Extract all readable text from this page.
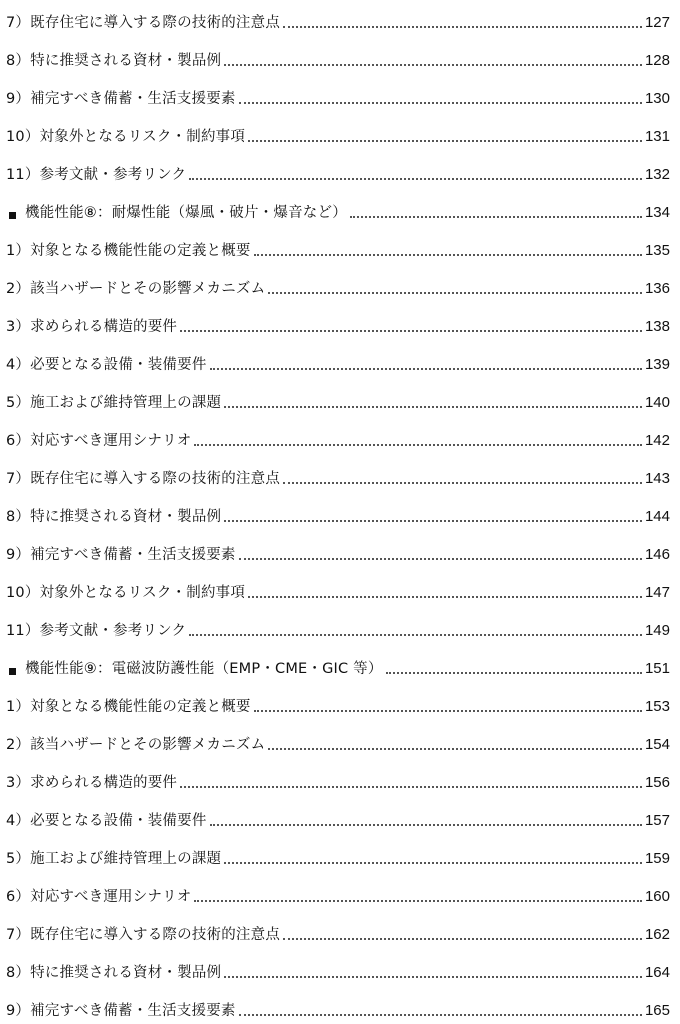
7）既存住宅に導入する際の技術的注意点	127
8）特に推奨される資材・製品例	128
9）補完すべき備蓄・生活支援要素	130
10）対象外となるリスク・制約事項	131
11）参考文献・参考リンク	132
機能性能⑧：耐爆性能（爆風・破片・爆音など）	134
1）対象となる機能性能の定義と概要	135
2）該当ハザードとその影響メカニズム	136
3）求められる構造的要件	138
4）必要となる設備・装備要件	139
5）施工および維持管理上の課題	140
6）対応すべき運用シナリオ	142
7）既存住宅に導入する際の技術的注意点	143
8）特に推奨される資材・製品例	144
9）補完すべき備蓄・生活支援要素	146
10）対象外となるリスク・制約事項	147
11）参考文献・参考リンク	149
機能性能⑨：電磁波防護性能（EMP・CME・GIC 等）	151
1）対象となる機能性能の定義と概要	153
2）該当ハザードとその影響メカニズム	154
3）求められる構造的要件	156
4）必要となる設備・装備要件	157
5）施工および維持管理上の課題	159
6）対応すべき運用シナリオ	160
7）既存住宅に導入する際の技術的注意点	162
8）特に推奨される資材・製品例	164
9）補完すべき備蓄・生活支援要素	165
